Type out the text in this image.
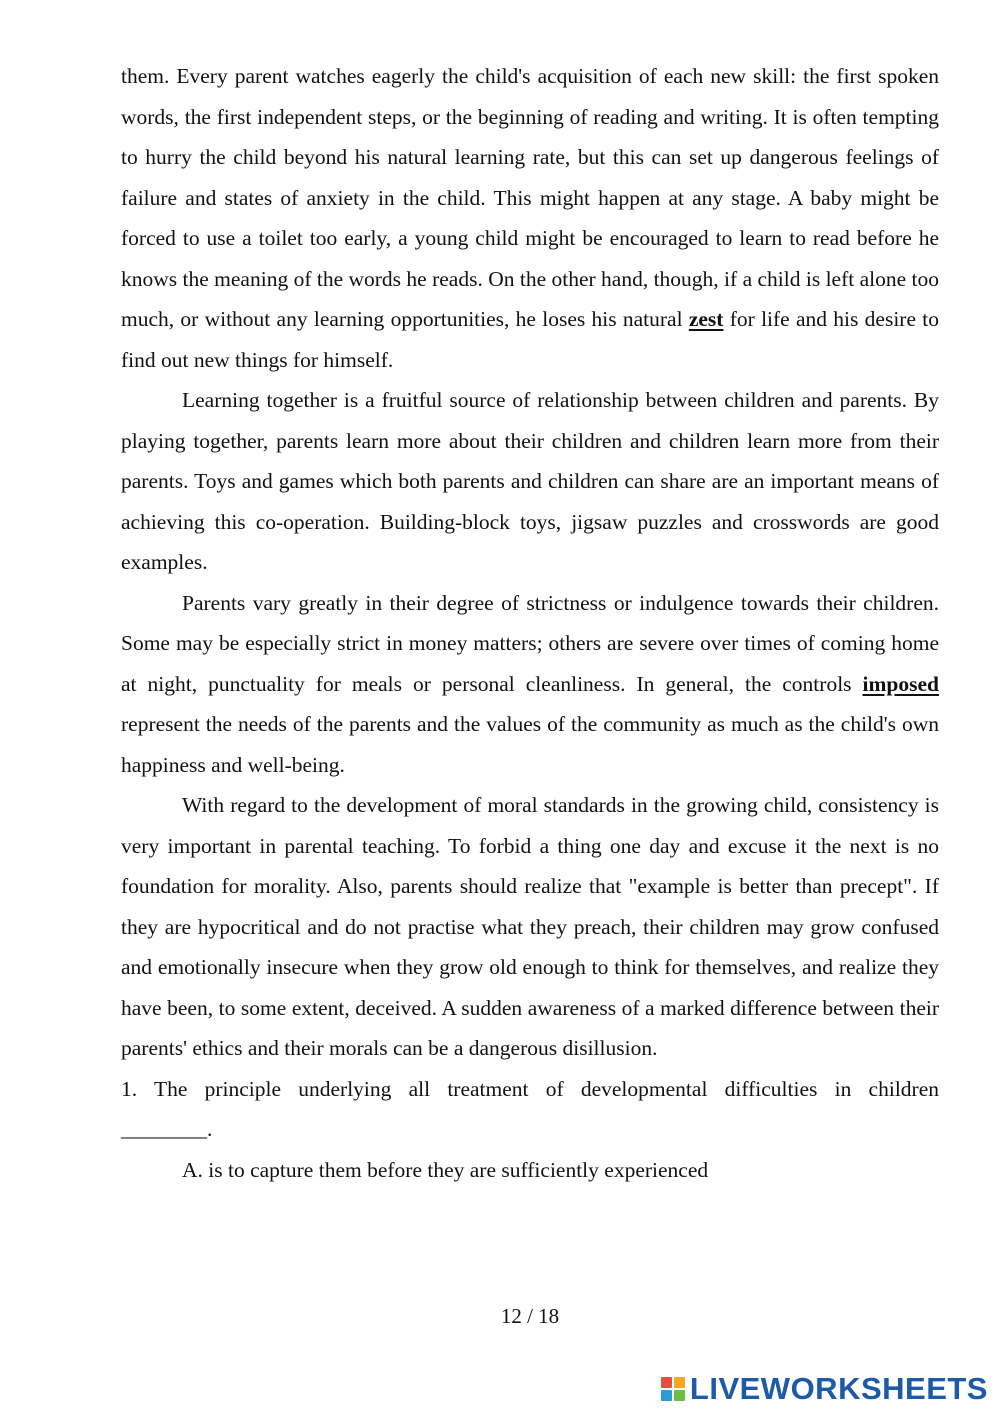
them. Every parent watches eagerly the child's acquisition of each new skill: the first spoken words, the first independent steps, or the beginning of reading and writing. It is often tempting to hurry the child beyond his natural learning rate, but this can set up dangerous feelings of failure and states of anxiety in the child. This might happen at any stage. A baby might be forced to use a toilet too early, a young child might be encouraged to learn to read before he knows the meaning of the words he reads. On the other hand, though, if a child is left alone too much, or without any learning opportunities, he loses his natural zest for life and his desire to find out new things for himself.

Learning together is a fruitful source of relationship between children and parents. By playing together, parents learn more about their children and children learn more from their parents. Toys and games which both parents and children can share are an important means of achieving this co-operation. Building-block toys, jigsaw puzzles and crosswords are good examples.

Parents vary greatly in their degree of strictness or indulgence towards their children. Some may be especially strict in money matters; others are severe over times of coming home at night, punctuality for meals or personal cleanliness. In general, the controls imposed represent the needs of the parents and the values of the community as much as the child's own happiness and well-being.

With regard to the development of moral standards in the growing child, consistency is very important in parental teaching. To forbid a thing one day and excuse it the next is no foundation for morality. Also, parents should realize that "example is better than precept". If they are hypocritical and do not practise what they preach, their children may grow confused and emotionally insecure when they grow old enough to think for themselves, and realize they have been, to some extent, deceived. A sudden awareness of a marked difference between their parents' ethics and their morals can be a dangerous disillusion.

1. The principle underlying all treatment of developmental difficulties in children

________.

A. is to capture them before they are sufficiently experienced

12 / 18
LIVEWORKSHEETS
